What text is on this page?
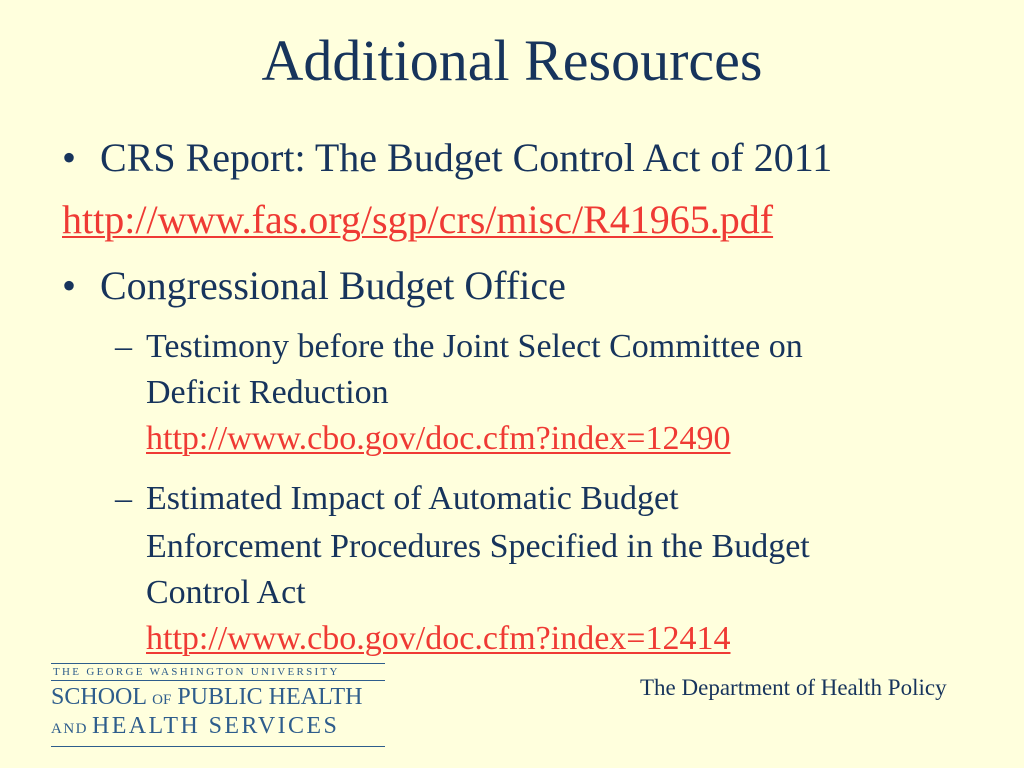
Additional Resources
• CRS Report: The Budget Control Act of 2011
http://www.fas.org/sgp/crs/misc/R41965.pdf
• Congressional Budget Office
– Testimony before the Joint Select Committee on
Deficit Reduction
http://www.cbo.gov/doc.cfm?index=12490
– Estimated Impact of Automatic Budget
Enforcement Procedures Specified in the Budget
Control Act
http://www.cbo.gov/doc.cfm?index=12414
THE GEORGE WASHINGTON UNIVERSITY
SCHOOL OF PUBLIC HEALTH
AND HEALTH SERVICES
The Department of Health Policy
